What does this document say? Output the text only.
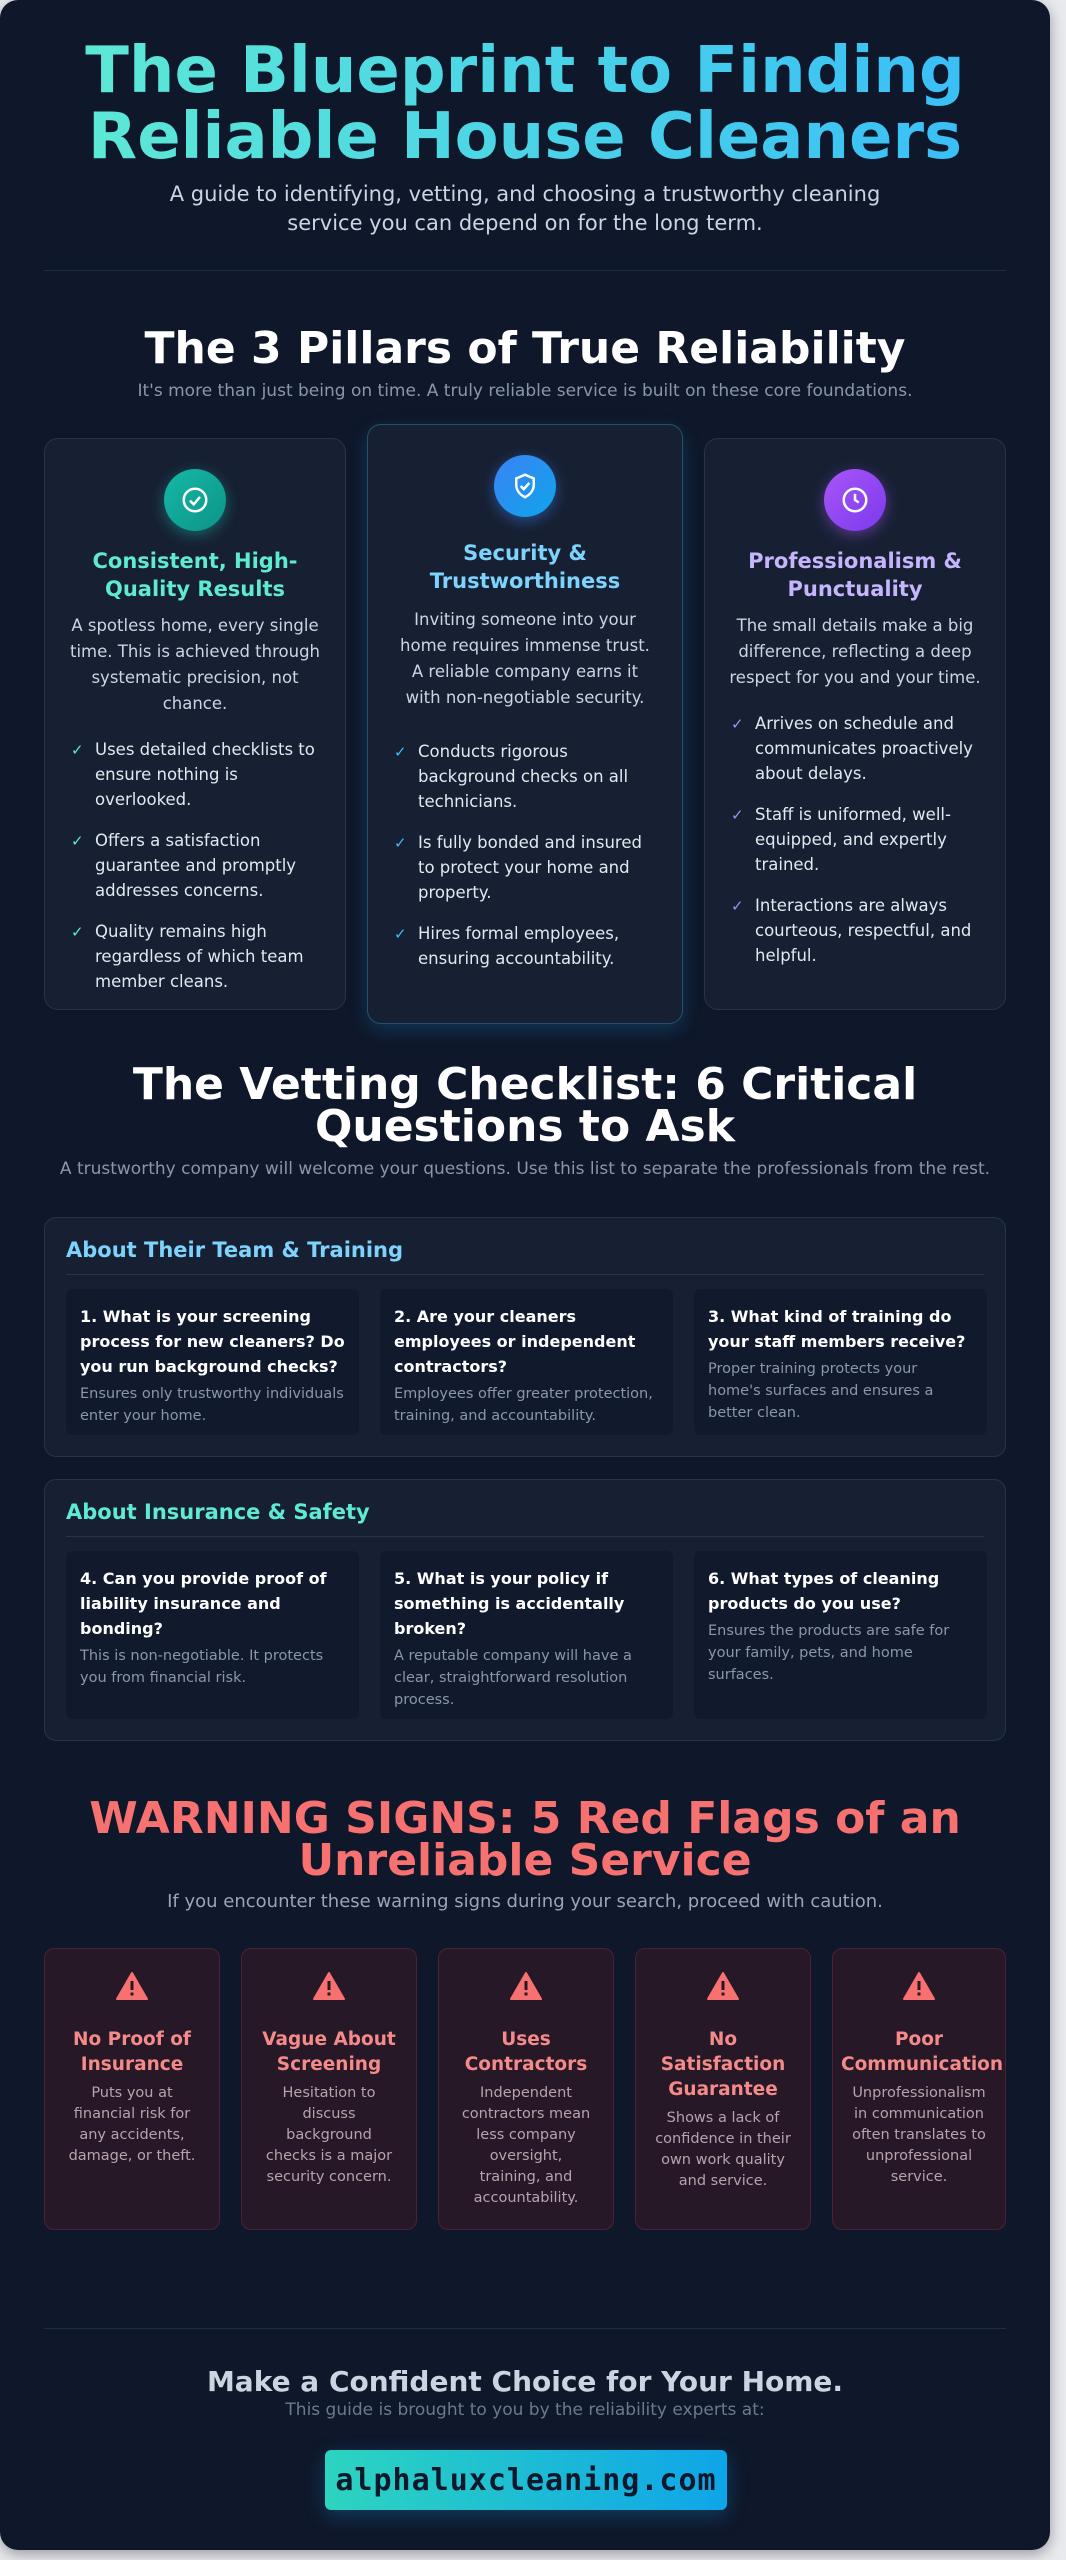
The Blueprint to Finding
Reliable House Cleaners
A guide to identifying, vetting, and choosing a trustworthy cleaning
service you can depend on for the long term.
The 3 Pillars of True Reliability
It's more than just being on time. A truly reliable service is built on these core foundations.
Consistent, High-
Quality Results
A spotless home, every single
time. This is achieved through
systematic precision, not
chance.
✓ Uses detailed checklists to ensure nothing is overlooked.
✓ Offers a satisfaction guarantee and promptly addresses concerns.
✓ Quality remains high regardless of which team member cleans.
Security &
Trustworthiness
Inviting someone into your
home requires immense trust.
A reliable company earns it
with non-negotiable security.
✓ Conducts rigorous background checks on all technicians.
✓ Is fully bonded and insured to protect your home and property.
✓ Hires formal employees, ensuring accountability.
Professionalism &
Punctuality
The small details make a big
difference, reflecting a deep
respect for you and your time.
✓ Arrives on schedule and communicates proactively about delays.
✓ Staff is uniformed, well-equipped, and expertly trained.
✓ Interactions are always courteous, respectful, and helpful.
The Vetting Checklist: 6 Critical
Questions to Ask
A trustworthy company will welcome your questions. Use this list to separate the professionals from the rest.
About Their Team & Training
1. What is your screening process for new cleaners? Do you run background checks?
Ensures only trustworthy individuals enter your home.
2. Are your cleaners employees or independent contractors?
Employees offer greater protection, training, and accountability.
3. What kind of training do your staff members receive?
Proper training protects your home's surfaces and ensures a better clean.
About Insurance & Safety
4. Can you provide proof of liability insurance and bonding?
This is non-negotiable. It protects you from financial risk.
5. What is your policy if something is accidentally broken?
A reputable company will have a clear, straightforward resolution process.
6. What types of cleaning products do you use?
Ensures the products are safe for your family, pets, and home surfaces.
WARNING SIGNS: 5 Red Flags of an
Unreliable Service
If you encounter these warning signs during your search, proceed with caution.
No Proof of
Insurance
Puts you at
financial risk for
any accidents,
damage, or theft.
Vague About
Screening
Hesitation to
discuss
background
checks is a major
security concern.
Uses
Contractors
Independent
contractors mean
less company
oversight,
training, and
accountability.
No
Satisfaction
Guarantee
Shows a lack of
confidence in their
own work quality
and service.
Poor
Communication
Unprofessionalism
in communication
often translates to
unprofessional
service.
Make a Confident Choice for Your Home.
This guide is brought to you by the reliability experts at:
alphaluxcleaning.com
